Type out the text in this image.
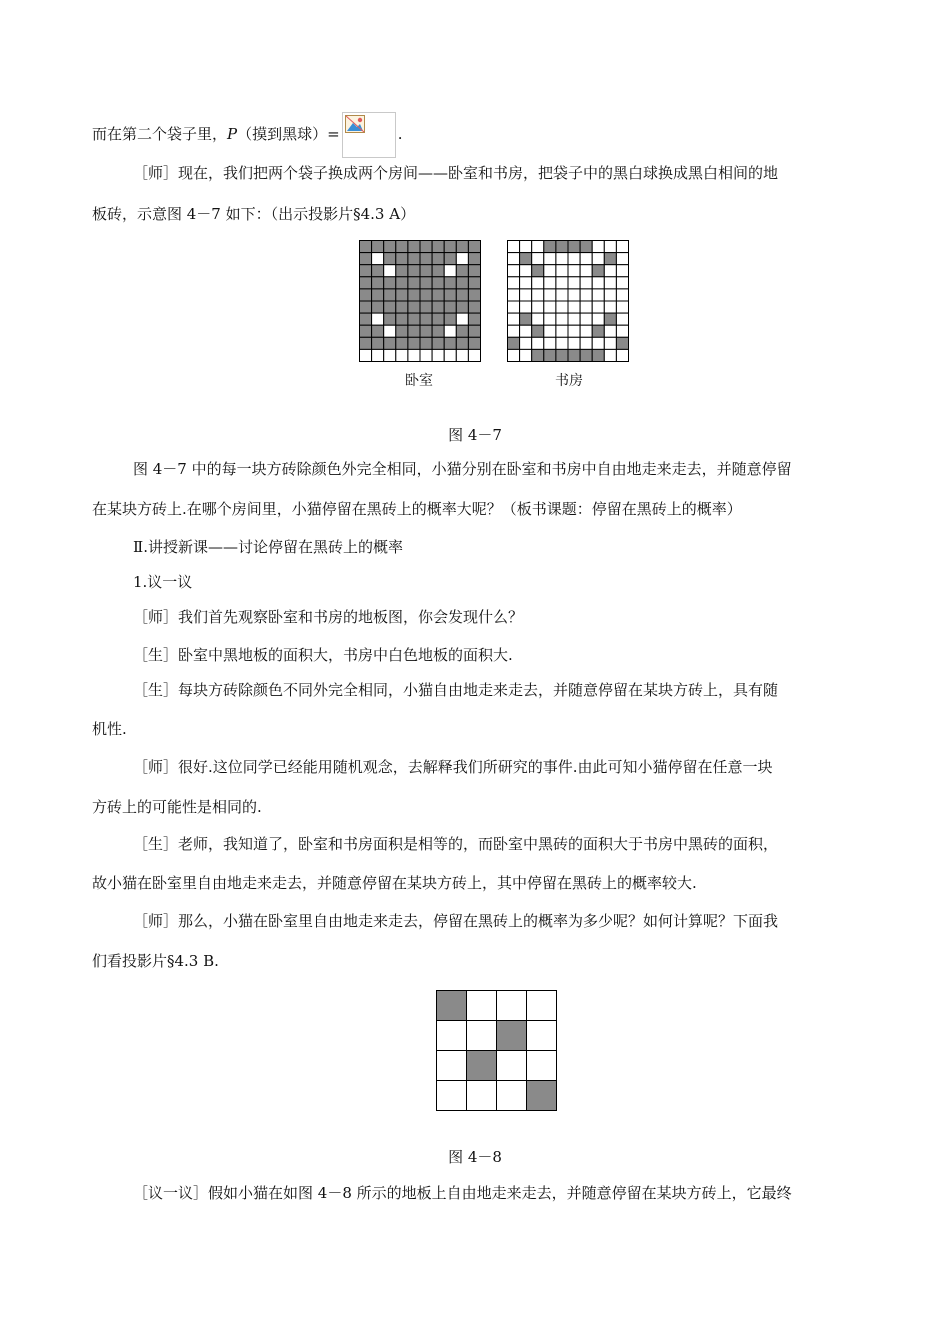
而在第二个袋子里，P（摸到黑球）=	.
［师］现在，我们把两个袋子换成两个房间——卧室和书房，把袋子中的黑白球换成黑白相间的地
板砖，示意图 4－7 如下：（出示投影片§4.3 A）
卧室	书房
图 4－7
图 4－7 中的每一块方砖除颜色外完全相同，小猫分别在卧室和书房中自由地走来走去，并随意停留
在某块方砖上.在哪个房间里，小猫停留在黑砖上的概率大呢？（板书课题：停留在黑砖上的概率）
Ⅱ.讲授新课——讨论停留在黑砖上的概率
1.议一议
［师］我们首先观察卧室和书房的地板图，你会发现什么？
［生］卧室中黑地板的面积大，书房中白色地板的面积大.
［生］每块方砖除颜色不同外完全相同，小猫自由地走来走去，并随意停留在某块方砖上，具有随
机性.
［师］很好.这位同学已经能用随机观念，去解释我们所研究的事件.由此可知小猫停留在任意一块
方砖上的可能性是相同的.
［生］老师，我知道了，卧室和书房面积是相等的，而卧室中黑砖的面积大于书房中黑砖的面积，
故小猫在卧室里自由地走来走去，并随意停留在某块方砖上，其中停留在黑砖上的概率较大.
［师］那么，小猫在卧室里自由地走来走去，停留在黑砖上的概率为多少呢？如何计算呢？下面我
们看投影片§4.3 B.
图 4－8
［议一议］假如小猫在如图 4－8 所示的地板上自由地走来走去，并随意停留在某块方砖上，它最终
